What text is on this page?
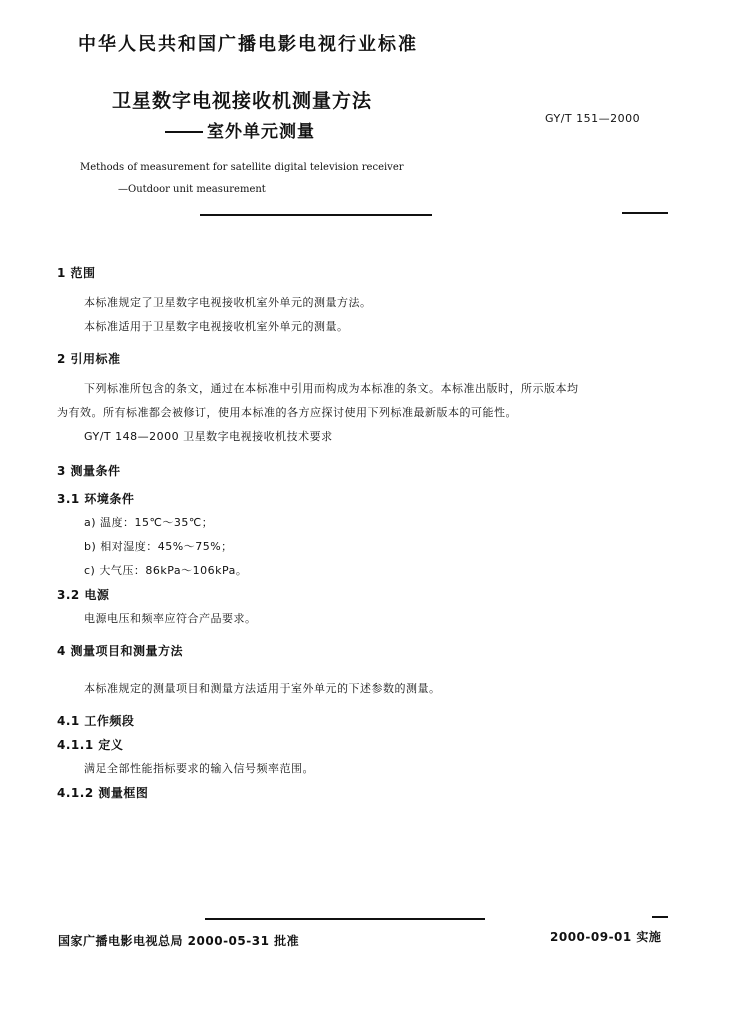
中华人民共和国广播电影电视行业标准
卫星数字电视接收机测量方法
室外单元测量
GY/T 151—2000
Methods of measurement for satellite digital television receiver
—Outdoor unit measurement
1 范围
本标准规定了卫星数字电视接收机室外单元的测量方法。
本标准适用于卫星数字电视接收机室外单元的测量。
2 引用标准
下列标准所包含的条文，通过在本标准中引用而构成为本标准的条文。本标准出版时，所示版本均
为有效。所有标准都会被修订，使用本标准的各方应探讨使用下列标准最新版本的可能性。
GY/T 148—2000 卫星数字电视接收机技术要求
3 测量条件
3.1 环境条件
a) 温度：15℃～35℃；
b) 相对湿度：45%～75%；
c) 大气压：86kPa～106kPa。
3.2 电源
电源电压和频率应符合产品要求。
4 测量项目和测量方法
本标准规定的测量项目和测量方法适用于室外单元的下述参数的测量。
4.1 工作频段
4.1.1 定义
满足全部性能指标要求的输入信号频率范围。
4.1.2 测量框图
国家广播电影电视总局 2000-05-31 批准	2000-09-01 实施
